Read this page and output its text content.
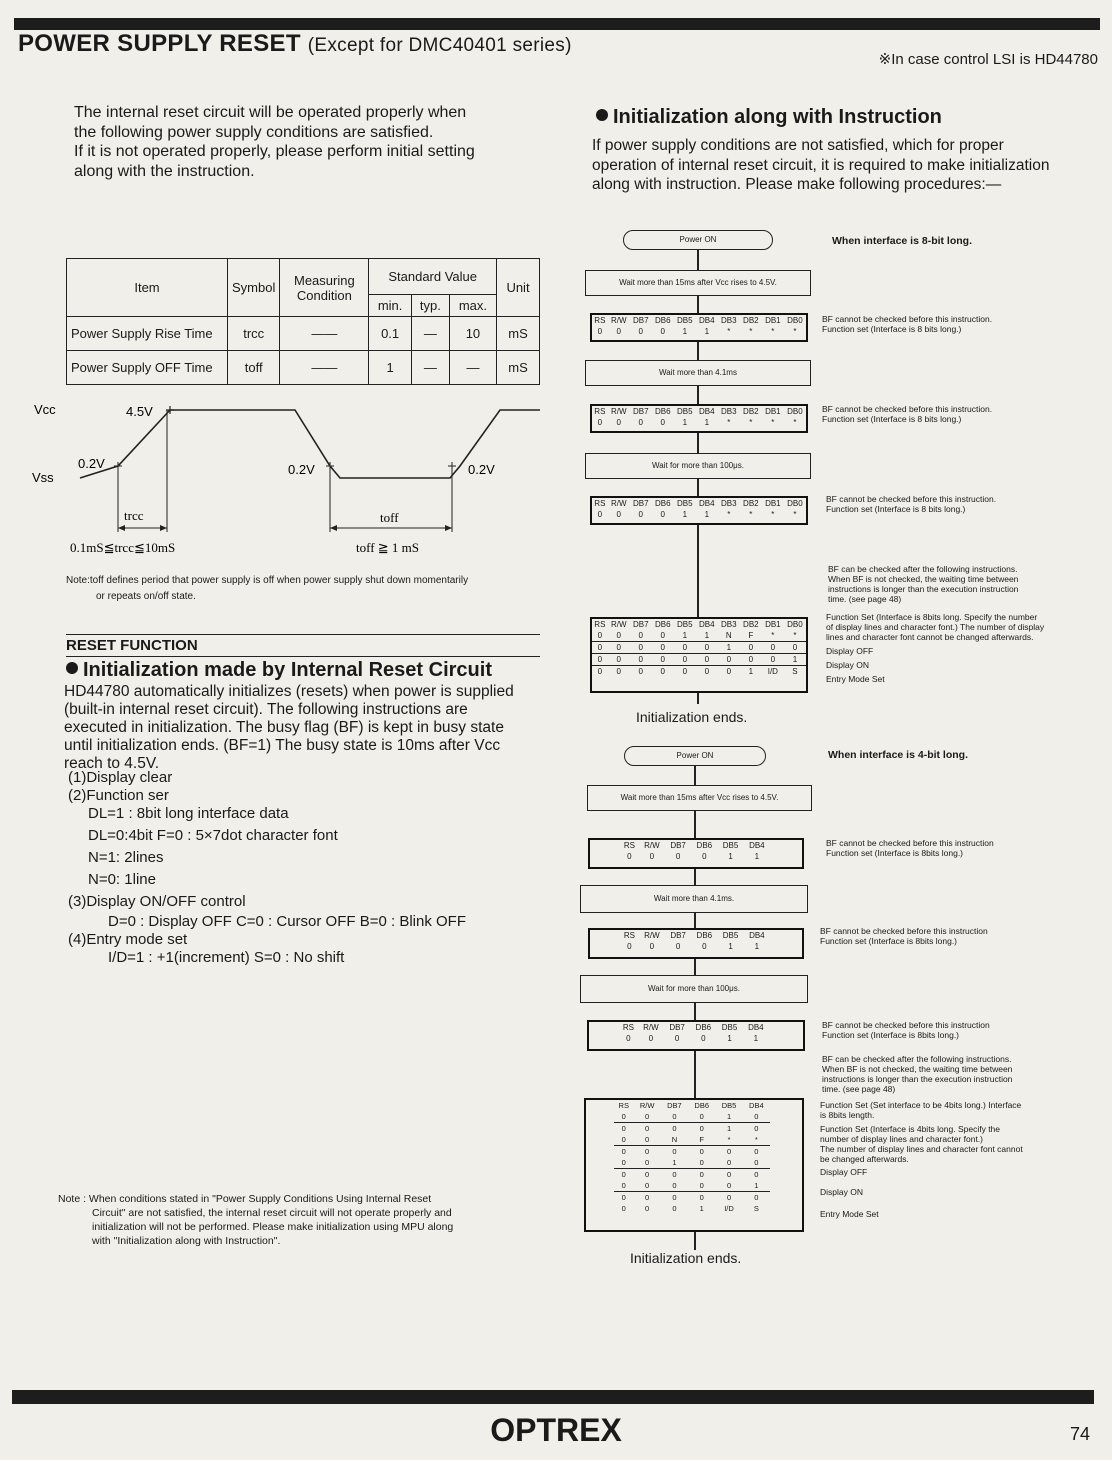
POWER SUPPLY RESET (Except for DMC40401 series)
※In case control LSI is HD44780
The internal reset circuit will be operated properly when
the following power supply conditions are satisfied.
If it is not operated properly, please perform initial setting
along with the instruction.
Item	Symbol	Measuring Condition	Standard Value			Unit
			min.	typ.	max.	
Power Supply Rise Time	trcc	——	0.1	—	10	mS
Power Supply OFF Time	toff	——	1	—	—	mS
Vcc
Vss
4.5V
0.2V	0.2V	0.2V
trcc	toff
0.1mS≦trcc≦10mS	toff ≧ 1 mS
Note:toff defines period that power supply is off when power supply shut down momentarily
or repeats on/off state.
RESET FUNCTION
Initialization made by Internal Reset Circuit
HD44780 automatically initializes (resets) when power is supplied
(built-in internal reset circuit). The following instructions are
executed in initialization. The busy flag (BF) is kept in busy state
until initialization ends. (BF=1) The busy state is 10ms after Vcc
reach to 4.5V.
(1)Display clear
(2)Function ser
DL=1 : 8bit long interface data
DL=0:4bit F=0 : 5×7dot character font
N=1: 2lines
N=0: 1line
(3)Display ON/OFF control
D=0 : Display OFF C=0 : Cursor OFF B=0 : Blink OFF
(4)Entry mode set
I/D=1 : +1(increment) S=0 : No shift
Note : When conditions stated in "Power Supply Conditions Using Internal Reset
Circuit" are not satisfied, the internal reset circuit will not operate properly and
initialization will not be performed. Please make initialization using MPU along
with "Initialization along with Instruction".
Initialization along with Instruction
If power supply conditions are not satisfied, which for proper
operation of internal reset circuit, it is required to make initialization
along with instruction. Please make following procedures:—
When interface is 8-bit long.
Power ON
Wait more than 15ms after Vcc rises to 4.5V.
RS	R/W	DB7	DB6	DB5	DB4	DB3	DB2	DB1	DB0
0	0	0	0	1	1	*	*	*	*
BF cannot be checked before this instruction.
Function set (Interface is 8 bits long.)
Wait more than 4.1ms
RS	R/W	DB7	DB6	DB5	DB4	DB3	DB2	DB1	DB0
0	0	0	0	1	1	*	*	*	*
BF cannot be checked before this instruction.
Function set (Interface is 8 bits long.)
Wait for more than 100μs.
RS	R/W	DB7	DB6	DB5	DB4	DB3	DB2	DB1	DB0
0	0	0	0	1	1	*	*	*	*
BF cannot be checked before this instruction.
Function set (Interface is 8 bits long.)
BF can be checked after the following instructions.
When BF is not checked, the waiting time between
instructions is longer than the execution instruction
time. (see page 48)
RS	R/W	DB7	DB6	DB5	DB4	DB3	DB2	DB1	DB0
0	0	0	0	1	1	N	F	*	*
0	0	0	0	0	0	1	0	0	0
0	0	0	0	0	0	0	0	0	1
0	0	0	0	0	0	0	1	I/D	S
Function Set (Interface is 8bits long. Specify the number
of display lines and character font.) The number of display
lines and character font cannot be changed afterwards.
Display OFF
Display ON
Entry Mode Set
Initialization ends.
When interface is 4-bit long.
Power ON
Wait more than 15ms after Vcc rises to 4.5V.
RS	R/W	DB7	DB6	DB5	DB4
0	0	0	0	1	1
BF cannot be checked before this instruction
Function set (Interface is 8bits long.)
Wait more than 4.1ms.
RS	R/W	DB7	DB6	DB5	DB4
0	0	0	0	1	1
BF cannot be checked before this instruction
Function set (Interface is 8bits long.)
Wait for more than 100μs.
RS	R/W	DB7	DB6	DB5	DB4
0	0	0	0	1	1
BF cannot be checked before this instruction
Function set (Interface is 8bits long.)
BF can be checked after the following instructions.
When BF is not checked, the waiting time between
instructions is longer than the execution instruction
time. (see page 48)
RS	R/W	DB7	DB6	DB5	DB4
0	0	0	0	1	0
0	0	0	0	1	0
0	0	N	F	*	*
0	0	0	0	0	0
0	0	1	0	0	0
0	0	0	0	0	0
0	0	0	0	0	1
0	0	0	0	0	0
0	0	0	1	I/D	S
Function Set (Set interface to be 4bits long.) Interface
is 8bits length.
Function Set (Interface is 4bits long. Specify the
number of display lines and character font.)
The number of display lines and character font cannot
be changed afterwards.
Display OFF
Display ON
Entry Mode Set
Initialization ends.
OPTREX	74
